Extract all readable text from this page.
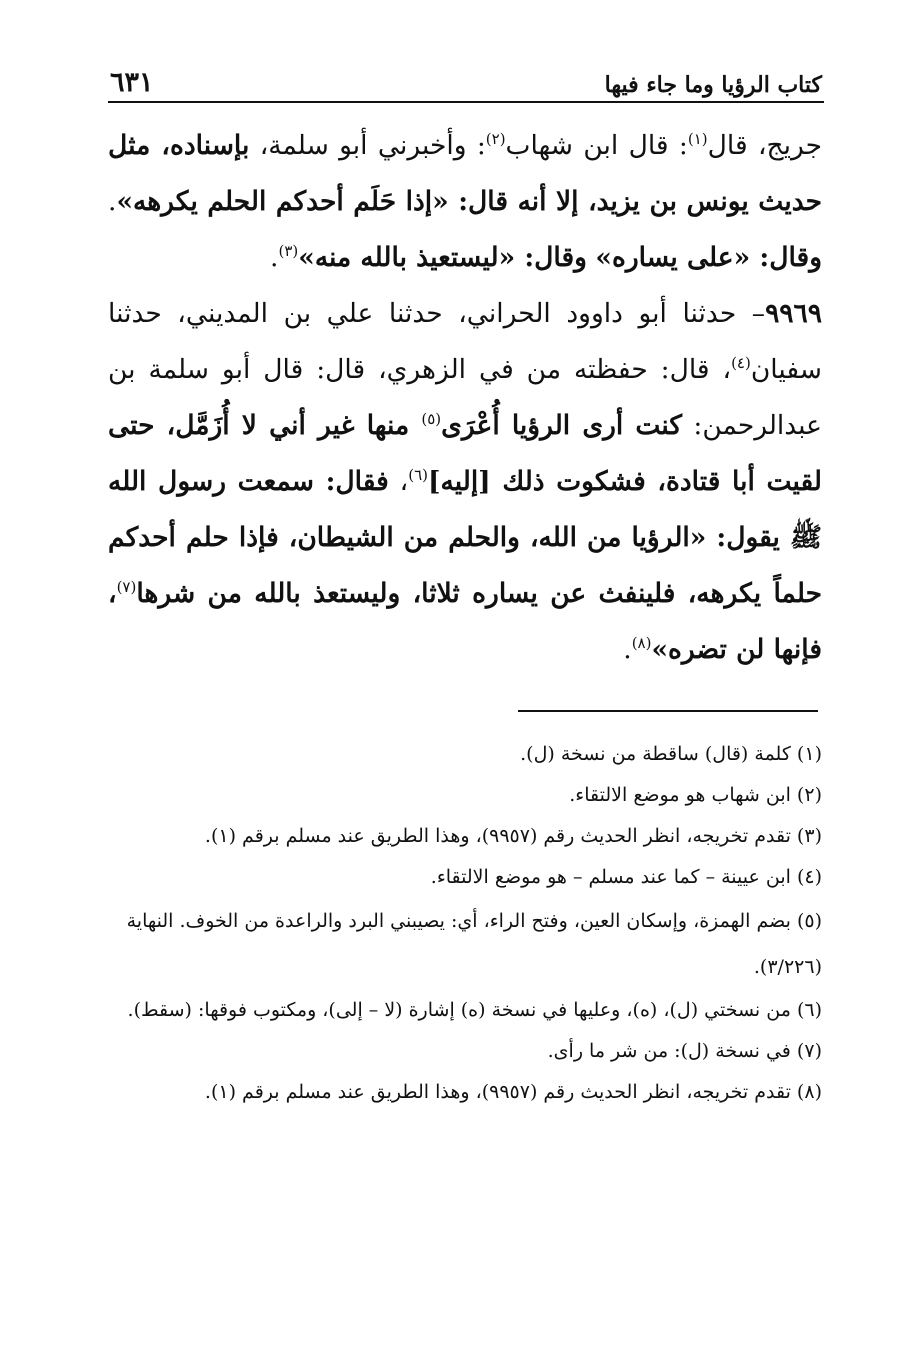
كتاب الرؤيا وما جاء فيها
٦٣١

جريج، قال$^{(١)}$: قال ابن شهاب$^{(٢)}$: وأخبرني أبو سلمة، بإسناده، مثل حديث يونس بن يزيد، إلا أنه قال: «إذا حَلَم أحدكم الحلم يكرهه». وقال: «على يساره» وقال: «ليستعيذ بالله منه»$^{(٣)}$.

٩٩٦٩– حدثنا أبو داوود الحراني، حدثنا علي بن المديني، حدثنا سفيان$^{(٤)}$، قال: حفظته من في الزهري، قال: قال أبو سلمة بن عبدالرحمن: كنت أرى الرؤيا أُعْرَى$^{(٥)}$ منها غير أني لا أُزَمَّل، حتى لقيت أبا قتادة، فشكوت ذلك [إليه]$^{(٦)}$، فقال: سمعت رسول الله ﷺ يقول: «الرؤيا من الله، والحلم من الشيطان، فإذا حلم أحدكم حلماً يكرهه، فلينفث عن يساره ثلاثا، وليستعذ بالله من شرها$^{(٧)}$، فإنها لن تضره»$^{(٨)}$.

(١) كلمة (قال) ساقطة من نسخة (ل).

(٢) ابن شهاب هو موضع الالتقاء.

(٣) تقدم تخريجه، انظر الحديث رقم (٩٩٥٧)، وهذا الطريق عند مسلم برقم (١).

(٤) ابن عيينة – كما عند مسلم – هو موضع الالتقاء.

(٥) بضم الهمزة، وإسكان العين، وفتح الراء، أي: يصيبني البرد والراعدة من الخوف. النهاية (٣/٢٢٦).

(٦) من نسختي (ل)، (ه)، وعليها في نسخة (ه) إشارة (لا – إلى)، ومكتوب فوقها: (سقط).

(٧) في نسخة (ل): من شر ما رأى.

(٨) تقدم تخريجه، انظر الحديث رقم (٩٩٥٧)، وهذا الطريق عند مسلم برقم (١).
